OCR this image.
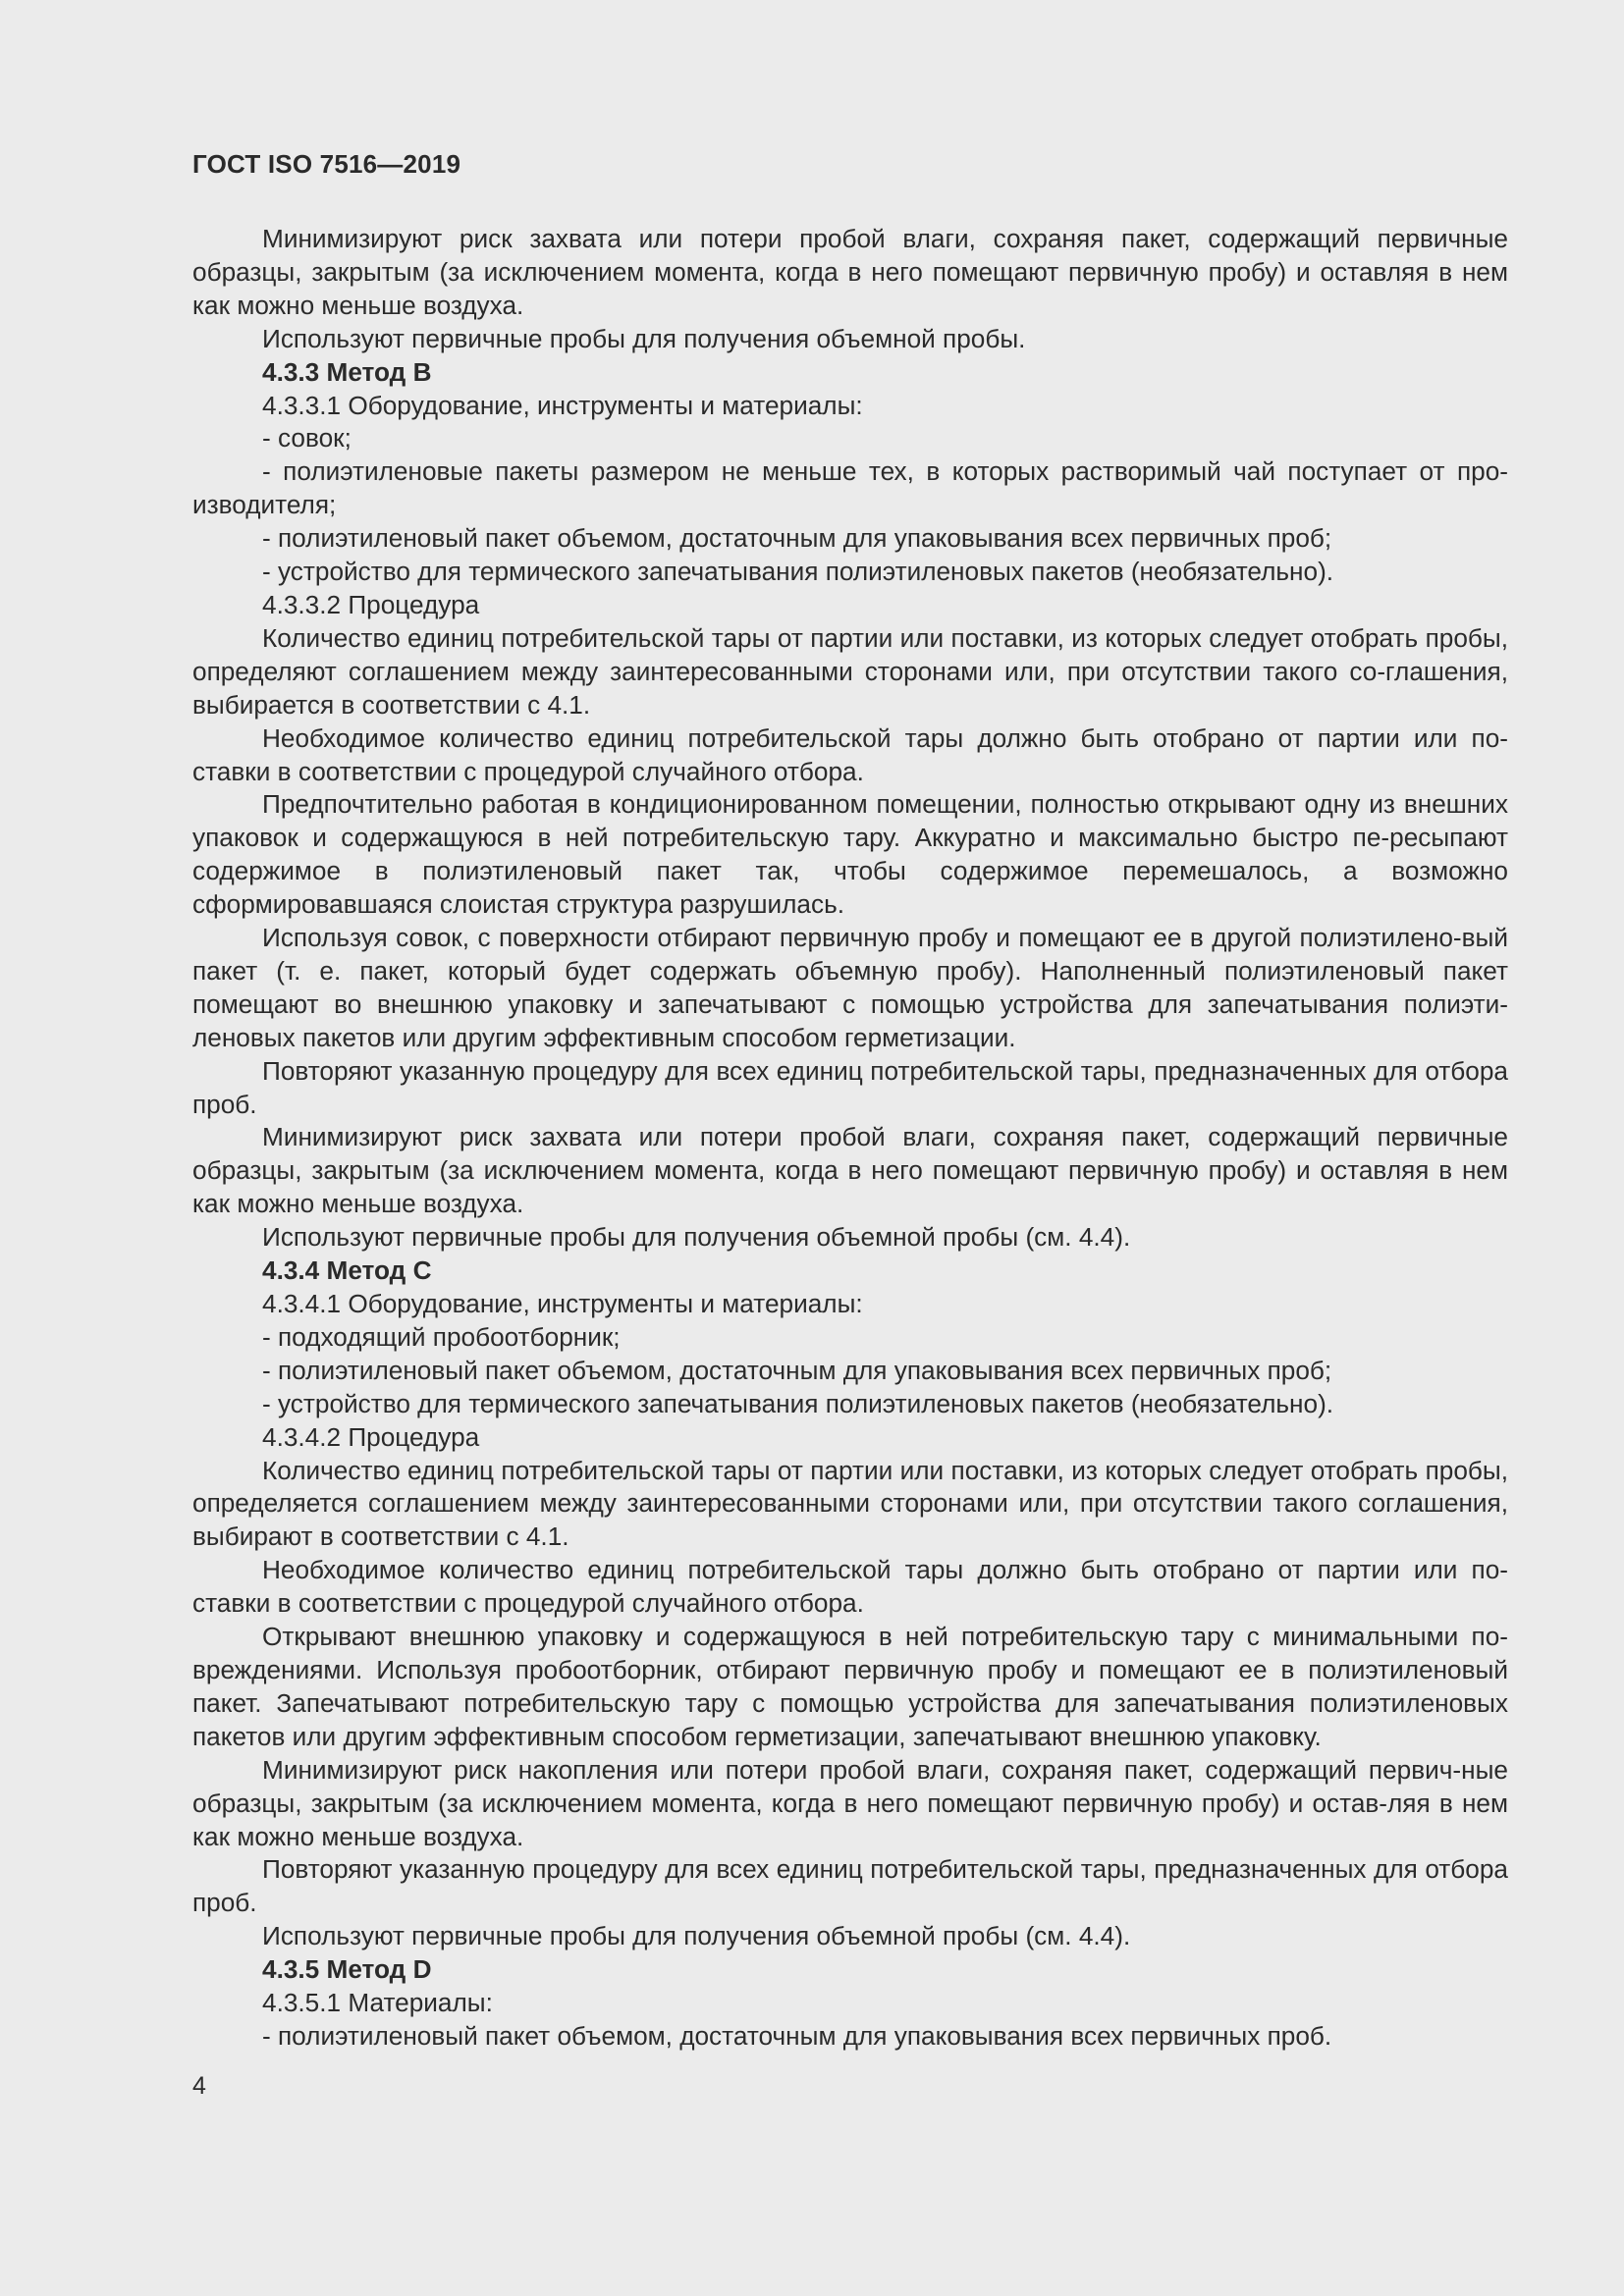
ГОСТ ISO 7516—2019

Минимизируют риск захвата или потери пробой влаги, сохраняя пакет, содержащий первичные образцы, закрытым (за исключением момента, когда в него помещают первичную пробу) и оставляя в нем как можно меньше воздуха.

Используют первичные пробы для получения объемной пробы.

4.3.3 Метод В

4.3.3.1 Оборудование, инструменты и материалы:

- совок;

- полиэтиленовые пакеты размером не меньше тех, в которых растворимый чай поступает от про-изводителя;

- полиэтиленовый пакет объемом, достаточным для упаковывания всех первичных проб;

- устройство для термического запечатывания полиэтиленовых пакетов (необязательно).

4.3.3.2 Процедура

Количество единиц потребительской тары от партии или поставки, из которых следует отобрать пробы, определяют соглашением между заинтересованными сторонами или, при отсутствии такого со-глашения, выбирается в соответствии с 4.1.

Необходимое количество единиц потребительской тары должно быть отобрано от партии или по-ставки в соответствии с процедурой случайного отбора.

Предпочтительно работая в кондиционированном помещении, полностью открывают одну из внешних упаковок и содержащуюся в ней потребительскую тару. Аккуратно и максимально быстро пе-ресыпают содержимое в полиэтиленовый пакет так, чтобы содержимое перемешалось, а возможно сформировавшаяся слоистая структура разрушилась.

Используя совок, с поверхности отбирают первичную пробу и помещают ее в другой полиэтилено-вый пакет (т. е. пакет, который будет содержать объемную пробу). Наполненный полиэтиленовый пакет помещают во внешнюю упаковку и запечатывают с помощью устройства для запечатывания полиэти-леновых пакетов или другим эффективным способом герметизации.

Повторяют указанную процедуру для всех единиц потребительской тары, предназначенных для отбора проб.

Минимизируют риск захвата или потери пробой влаги, сохраняя пакет, содержащий первичные образцы, закрытым (за исключением момента, когда в него помещают первичную пробу) и оставляя в нем как можно меньше воздуха.

Используют первичные пробы для получения объемной пробы (см. 4.4).

4.3.4 Метод С

4.3.4.1 Оборудование, инструменты и материалы:

- подходящий пробоотборник;

- полиэтиленовый пакет объемом, достаточным для упаковывания всех первичных проб;

- устройство для термического запечатывания полиэтиленовых пакетов (необязательно).

4.3.4.2 Процедура

Количество единиц потребительской тары от партии или поставки, из которых следует отобрать пробы, определяется соглашением между заинтересованными сторонами или, при отсутствии такого соглашения, выбирают в соответствии с 4.1.

Необходимое количество единиц потребительской тары должно быть отобрано от партии или по-ставки в соответствии с процедурой случайного отбора.

Открывают внешнюю упаковку и содержащуюся в ней потребительскую тару с минимальными по-вреждениями. Используя пробоотборник, отбирают первичную пробу и помещают ее в полиэтиленовый пакет. Запечатывают потребительскую тару с помощью устройства для запечатывания полиэтиленовых пакетов или другим эффективным способом герметизации, запечатывают внешнюю упаковку.

Минимизируют риск накопления или потери пробой влаги, сохраняя пакет, содержащий первич-ные образцы, закрытым (за исключением момента, когда в него помещают первичную пробу) и остав-ляя в нем как можно меньше воздуха.

Повторяют указанную процедуру для всех единиц потребительской тары, предназначенных для отбора проб.

Используют первичные пробы для получения объемной пробы (см. 4.4).

4.3.5 Метод D

4.3.5.1 Материалы:

- полиэтиленовый пакет объемом, достаточным для упаковывания всех первичных проб.

4
